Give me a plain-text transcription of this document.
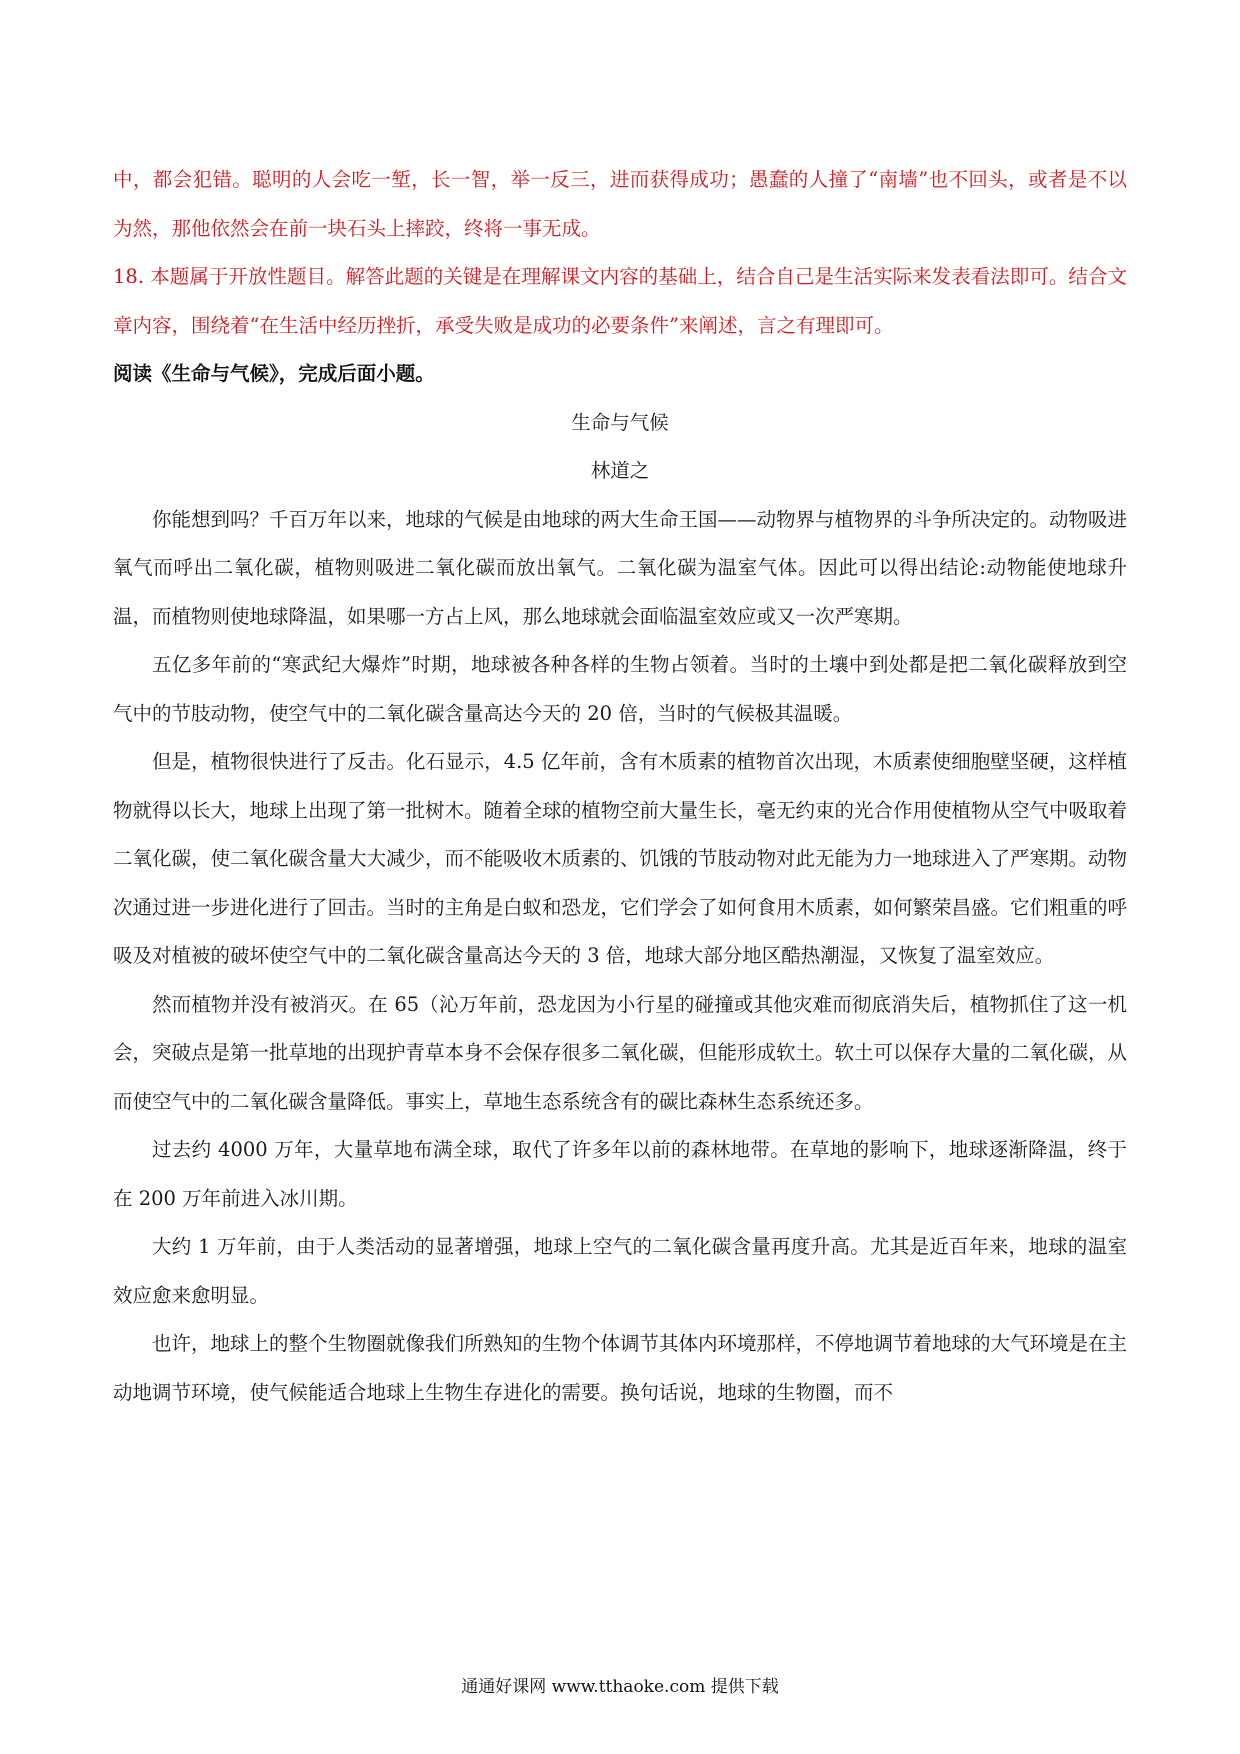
中，都会犯错。聪明的人会吃一堑，长一智，举一反三，进而获得成功；愚蠢的人撞了“南墙”也不回头，或者是不以为然，那他依然会在前一块石头上摔跤，终将一事无成。

18. 本题属于开放性题目。解答此题的关键是在理解课文内容的基础上，结合自己是生活实际来发表看法即可。结合文章内容，围绕着“在生活中经历挫折，承受失败是成功的必要条件”来阐述，言之有理即可。

阅读《生命与气候》，完成后面小题。

生命与气候

林道之

你能想到吗？千百万年以来，地球的气候是由地球的两大生命王国——动物界与植物界的斗争所决定的。动物吸进氧气而呼出二氧化碳，植物则吸进二氧化碳而放出氧气。二氧化碳为温室气体。因此可以得出结论:动物能使地球升温，而植物则使地球降温，如果哪一方占上风，那么地球就会面临温室效应或又一次严寒期。

五亿多年前的“寒武纪大爆炸”时期，地球被各种各样的生物占领着。当时的土壤中到处都是把二氧化碳释放到空气中的节肢动物，使空气中的二氧化碳含量高达今天的 20 倍，当时的气候极其温暖。

但是，植物很快进行了反击。化石显示，4.5 亿年前，含有木质素的植物首次出现，木质素使细胞壁坚硬，这样植物就得以长大，地球上出现了第一批树木。随着全球的植物空前大量生长，毫无约束的光合作用使植物从空气中吸取着二氧化碳，使二氧化碳含量大大减少，而不能吸收木质素的、饥饿的节肢动物对此无能为力一地球进入了严寒期。动物次通过进一步进化进行了回击。当时的主角是白蚁和恐龙，它们学会了如何食用木质素，如何繁荣昌盛。它们粗重的呼吸及对植被的破坏使空气中的二氧化碳含量高达今天的 3 倍，地球大部分地区酷热潮湿，又恢复了温室效应。

然而植物并没有被消灭。在 65（沁万年前，恐龙因为小行星的碰撞或其他灾难而彻底消失后，植物抓住了这一机会，突破点是第一批草地的出现护青草本身不会保存很多二氧化碳，但能形成软土。软土可以保存大量的二氧化碳，从而使空气中的二氧化碳含量降低。事实上，草地生态系统含有的碳比森林生态系统还多。

过去约 4000 万年，大量草地布满全球，取代了许多年以前的森林地带。在草地的影响下，地球逐渐降温，终于在 200 万年前进入冰川期。

大约 1 万年前，由于人类活动的显著增强，地球上空气的二氧化碳含量再度升高。尤其是近百年来，地球的温室效应愈来愈明显。

也许，地球上的整个生物圈就像我们所熟知的生物个体调节其体内环境那样，不停地调节着地球的大气环境是在主动地调节环境，使气候能适合地球上生物生存进化的需要。换句话说，地球的生物圈，而不

通通好课网 www.tthaoke.com 提供下载
